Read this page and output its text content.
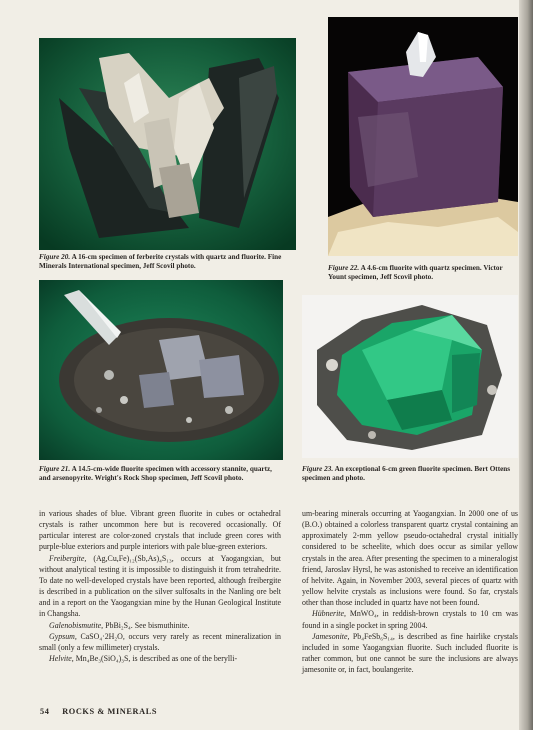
Figure 20. A 16-cm specimen of ferberite crystals with quartz and fluorite. Fine Minerals International specimen, Jeff Scovil photo.	Figure 22. A 4.6-cm fluorite with quartz specimen. Victor Yount specimen, Jeff Scovil photo.
Figure 21. A 14.5-cm-wide fluorite specimen with accessory stannite, quartz, and arsenopyrite. Wright's Rock Shop specimen, Jeff Scovil photo.
Figure 23. An exceptional 6-cm green fluorite specimen. Bert Ottens specimen and photo.

in various shades of blue. Vibrant green fluorite in cubes or octahedral crystals is rather uncommon here but is recovered occasionally. Of particular interest are color-zoned crystals that include green cores with purple-blue exteriors and purple interiors with pale blue-green exteriors.

Freibergite, (Ag,Cu,Fe)₁₂(Sb,As)₄S₁₃, occurs at Yaogangxian, but without analytical testing it is impossible to distinguish it from tetrahedrite. To date no well-developed crystals have been reported, although freibergite is described in a publication on the silver sulfosalts in the Nanling ore belt and in a report on the Yaogangxian mine by the Hunan Geological Institute in Changsha.

Galenobismutite, PbBi₂S₄. See bismuthinite.

Gypsum, CaSO₄·2H₂O, occurs very rarely as recent mineralization in small (only a few millimeter) crystals.

Helvite, Mn₄Be₃(SiO₄)₃S, is described as one of the berylli-

um-bearing minerals occurring at Yaogangxian. In 2000 one of us (B.O.) obtained a colorless transparent quartz crystal containing an approximately 2-mm yellow pseudo-octahedral crystal initially considered to be scheelite, which does occur as similar yellow crystals in the area. After presenting the specimen to a mineralogist friend, Jaroslav Hyrsl, he was astonished to receive an identification of helvite. Again, in November 2003, several pieces of quartz with yellow helvite crystals as inclusions were found. So far, crystals other than those included in quartz have not been found.

Hübnerite, MnWO₄, in reddish-brown crystals to 10 cm was found in a single pocket in spring 2004.

Jamesonite, Pb₄FeSb₆S₁₄, is described as fine hairlike crystals included in some Yaogangxian fluorite. Such included fluorite is rather common, but one cannot be sure the inclusions are always jamesonite or, in fact, boulangerite.

54 ROCKS & MINERALS
